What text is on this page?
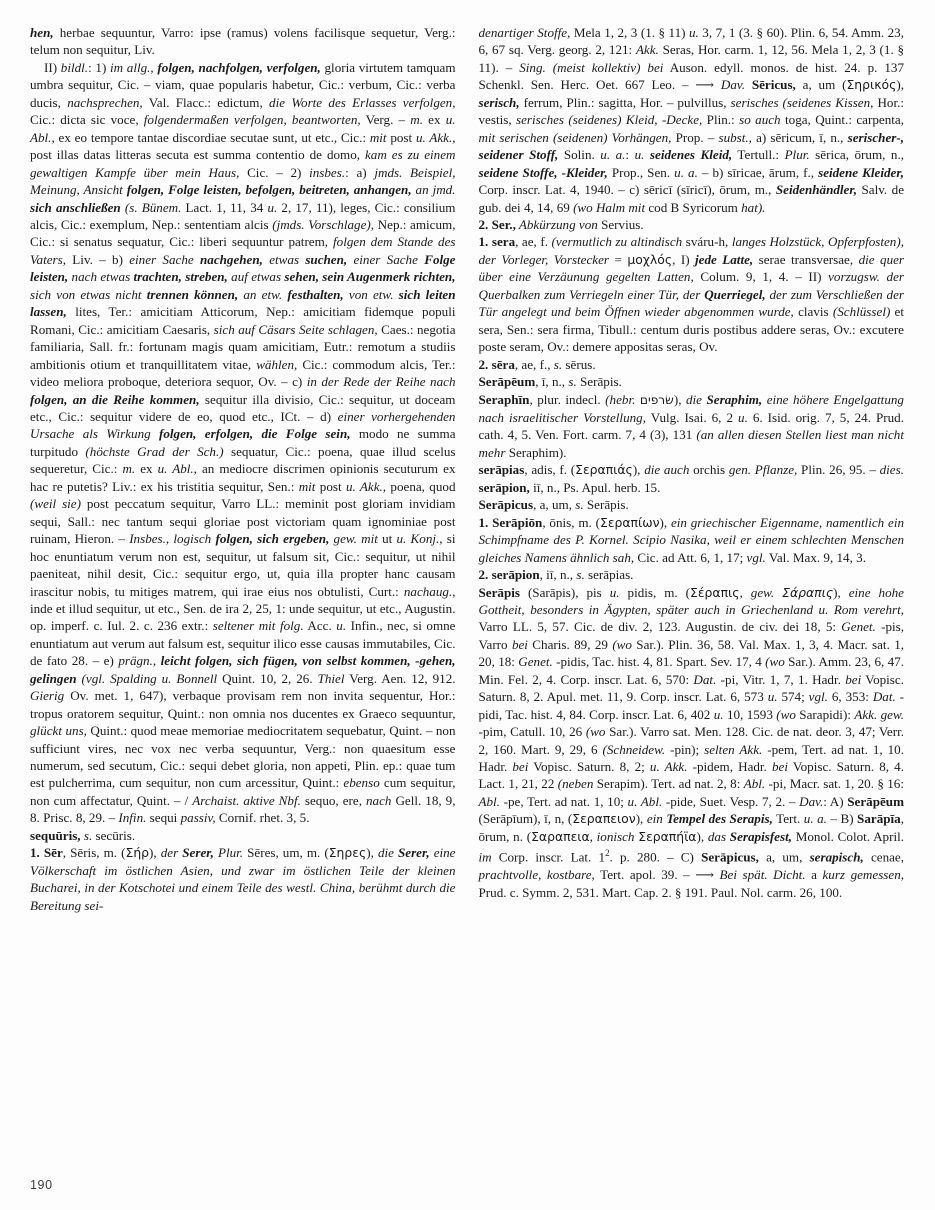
hen, herbae sequuntur, Varro: ipse (ramus) volens facilisque sequetur, Verg.: telum non sequitur, Liv.

II) bildl.: 1) im allg., folgen, nachfolgen, verfolgen, gloria virtutem tamquam umbra sequitur, Cic. – viam, quae popularis habetur, Cic.: verbum, Cic.: verba ducis, nachsprechen, Val. Flacc.: edictum, die Worte des Erlasses verfolgen, Cic.: dicta sic voce, folgendermaßen verfolgen, beantworten, Verg. – m. ex u. Abl., ex eo tempore tantae discordiae secutae sunt, ut etc., Cic.: mit post u. Akk., post illas datas litteras secuta est summa contentio de domo, kam es zu einem gewaltigen Kampfe über mein Haus, Cic. – 2) insbes.: a) jmds. Beispiel, Meinung, Ansicht folgen, Folge leisten, befolgen, beitreten, anhangen, an jmd. sich anschließen (s. Bünem. Lact. 1, 11, 34 u. 2, 17, 11), leges, Cic.: consilium alcis, Cic.: exemplum, Nep.: sententiam alcis (jmds. Vorschlage), Nep.: amicum, Cic.: si senatus sequatur, Cic.: liberi sequuntur patrem, folgen dem Stande des Vaters, Liv. – b) einer Sache nachgehen, etwas suchen, einer Sache Folge leisten, nach etwas trachten, streben, auf etwas sehen, sein Augenmerk richten, sich von etwas nicht trennen können, an etw. festhalten, von etw. sich leiten lassen, lites, Ter.: amicitiam Atticorum, Nep.: amicitiam fidemque populi Romani, Cic.: amicitiam Caesaris, sich auf Cäsars Seite schlagen, Caes.: negotia familiaria, Sall. fr.: fortunam magis quam amicitiam, Eutr.: remotum a studiis ambitionis otium et tranquillitatem vitae, wählen, Cic.: commodum alcis, Ter.: video meliora proboque, deteriora sequor, Ov. – c) in der Rede der Reihe nach folgen, an die Reihe kommen, sequitur illa divisio, Cic.: sequitur, ut doceam etc., Cic.: sequitur videre de eo, quod etc., ICt. – d) einer vorhergehenden Ursache als Wirkung folgen, erfolgen, die Folge sein, modo ne summa turpitudo (höchste Grad der Sch.) sequatur, Cic.: poena, quae illud scelus sequeretur, Cic.: m. ex u. Abl., an mediocre discrimen opinionis secuturum ex hac re putetis? Liv.: ex his tristitia sequitur, Sen.: mit post u. Akk., poena, quod (weil sie) post peccatum sequitur, Varro LL.: meminit post gloriam invidiam sequi, Sall.: nec tantum sequi gloriae post victoriam quam ignominiae post ruinam, Hieron. – Insbes., logisch folgen, sich ergeben, gew. mit ut u. Konj., si hoc enuntiatum verum non est, sequitur, ut falsum sit, Cic.: sequitur, ut nihil paeniteat, nihil desit, Cic.: sequitur ergo, ut, quia illa propter hanc causam irascitur nobis, tu mitiges matrem, qui irae eius nos obtulisti, Curt.: nachaug., inde et illud sequitur, ut etc., Sen. de ira 2, 25, 1: unde sequitur, ut etc., Augustin. op. imperf. c. Iul. 2. c. 236 extr.: seltener mit folg. Acc. u. Infin., nec, si omne enuntiatum aut verum aut falsum est, sequitur ilico esse causas immutabiles, Cic. de fato 28. – e) prägn., leicht folgen, sich fügen, von selbst kommen, -gehen, gelingen (vgl. Spalding u. Bonnell Quint. 10, 2, 26. Thiel Verg. Aen. 12, 912. Gierig Ov. met. 1, 647), verbaque provisam rem non invita sequentur, Hor.: tropus oratorem sequitur, Quint.: non omnia nos ducentes ex Graeco sequuntur, glückt uns, Quint.: quod meae memoriae mediocritatem sequebatur, Quint. – non sufficiunt vires, nec vox nec verba sequuntur, Verg.: non quaesitum esse numerum, sed secutum, Cic.: sequi debet gloria, non appeti, Plin. ep.: quae tum est pulcherrima, cum sequitur, non cum arcessitur, Quint.: ebenso cum sequitur, non cum affectatur, Quint. – / Archaist. aktive Nbf. sequo, ere, nach Gell. 18, 9, 8. Prisc. 8, 29. – Infin. sequi passiv, Cornif. rhet. 3, 5.

sequūris, s. secūris.

1. Sēr, Sēris, m. (Σήρ), der Serer, Plur. Sēres, um, m. (Σηρες), die Serer, eine Völkerschaft im östlichen Asien, und zwar im östlichen Teile der kleinen Bucharei, in der Kotschotei und einem Teile des westl. China, berühmt durch die Bereitung sei-

denartiger Stoffe, Mela 1, 2, 3 (1. § 11) u. 3, 7, 1 (3. § 60). Plin. 6, 54. Amm. 23, 6, 67 sq. Verg. georg. 2, 121: Akk. Seras, Hor. carm. 1, 12, 56. Mela 1, 2, 3 (1. § 11). – Sing. (meist kollektiv) bei Auson. edyll. monos. de hist. 24. p. 137 Schenkl. Sen. Herc. Oet. 667 Leo. – ⟶ Dav. Sēricus, a, um (Σηρικός), serisch, ferrum, Plin.: sagitta, Hor. – pulvillus, serisches (seidenes Kissen, Hor.: vestis, serisches (seidenes) Kleid, -Decke, Plin.: so auch toga, Quint.: carpenta, mit serischen (seidenen) Vorhängen, Prop. – subst., a) sēricum, ī, n., serischer-, seidener Stoff, Solin. u. a.: u. seidenes Kleid, Tertull.: Plur. sērica, ōrum, n., seidene Stoffe, -Kleider, Prop., Sen. u. a. – b) sīricae, ārum, f., seidene Kleider, Corp. inscr. Lat. 4, 1940. – c) sēricī (sīricī), ōrum, m., Seidenhändler, Salv. de gub. dei 4, 14, 69 (wo Halm mit cod B Syricorum hat).

2. Ser., Abkürzung von Servius.

1. sera, ae, f. (vermutlich zu altindisch sváru-h, langes Holzstück, Opferpfosten), der Vorleger, Vorstecker = μοχλός, I) jede Latte, serae transversae, die quer über eine Verzäunung gegelten Latten, Colum. 9, 1, 4. – II) vorzugsw. der Querbalken zum Verriegeln einer Tür, der Querriegel, der zum Verschließen der Tür angelegt und beim Öffnen wieder abgenommen wurde, clavis (Schlüssel) et sera, Sen.: sera firma, Tibull.: centum duris postibus addere seras, Ov.: excutere poste seram, Ov.: demere appositas seras, Ov.

2. sēra, ae, f., s. sērus.

Serāpēum, ī, n., s. Serāpis.

Seraphīn, plur. indecl. (hebr. שׂרפים), die Seraphim, eine höhere Engelgattung nach israelitischer Vorstellung, Vulg. Isai. 6, 2 u. 6. Isid. orig. 7, 5, 24. Prud. cath. 4, 5. Ven. Fort. carm. 7, 4 (3), 131 (an allen diesen Stellen liest man nicht mehr Seraphim).

serāpias, adis, f. (Σεραπιάς), die auch orchis gen. Pflanze, Plin. 26, 95. – dies. serāpion, iī, n., Ps. Apul. herb. 15.

Serāpicus, a, um, s. Serāpis.

1. Serāpiōn, ōnis, m. (Σεραπίων), ein griechischer Eigenname, namentlich ein Schimpfname des P. Kornel. Scipio Nasika, weil er einem schlechten Menschen gleiches Namens ähnlich sah, Cic. ad Att. 6, 1, 17; vgl. Val. Max. 9, 14, 3.

2. serāpion, iī, n., s. serāpias.

Serāpis (Sarāpis), pis u. pidis, m. (Σέραπις, gew. Σάραπις), eine hohe Gottheit, besonders in Ägypten, später auch in Griechenland u. Rom verehrt, Varro LL. 5, 57. Cic. de div. 2, 123. Augustin. de civ. dei 18, 5: Genet. -pis, Varro bei Charis. 89, 29 (wo Sar.). Plin. 36, 58. Val. Max. 1, 3, 4. Macr. sat. 1, 20, 18: Genet. -pidis, Tac. hist. 4, 81. Spart. Sev. 17, 4 (wo Sar.). Amm. 23, 6, 47. Min. Fel. 2, 4. Corp. inscr. Lat. 6, 570: Dat. -pi, Vitr. 1, 7, 1. Hadr. bei Vopisc. Saturn. 8, 2. Apul. met. 11, 9. Corp. inscr. Lat. 6, 573 u. 574; vgl. 6, 353: Dat. -pidi, Tac. hist. 4, 84. Corp. inscr. Lat. 6, 402 u. 10, 1593 (wo Sarapidi): Akk. gew. -pim, Catull. 10, 26 (wo Sar.). Varro sat. Men. 128. Cic. de nat. deor. 3, 47; Verr. 2, 160. Mart. 9, 29, 6 (Schneidew. -pin); selten Akk. -pem, Tert. ad nat. 1, 10. Hadr. bei Vopisc. Saturn. 8, 2; u. Akk. -pidem, Hadr. bei Vopisc. Saturn. 8, 4. Lact. 1, 21, 22 (neben Serapim). Tert. ad nat. 2, 8: Abl. -pi, Macr. sat. 1, 20. § 16: Abl. -pe, Tert. ad nat. 1, 10; u. Abl. -pide, Suet. Vesp. 7, 2. – Dav.: A) Serāpēum (Serāpīum), ī, n, (Σεραπειον), ein Tempel des Serapis, Tert. u. a. – B) Sarāpīa, ōrum, n. (Σαραπεια, ionisch Σεραπήϊα), das Serapisfest, Monol. Colot. April. im Corp. inscr. Lat. $1^2$. p. 280. – C) Serāpicus, a, um, serapisch, cenae, prachtvolle, kostbare, Tert. apol. 39. – ⟶ Bei spät. Dicht. a kurz gemessen, Prud. c. Symm. 2, 531. Mart. Cap. 2. § 191. Paul. Nol. carm. 26, 100.

190
